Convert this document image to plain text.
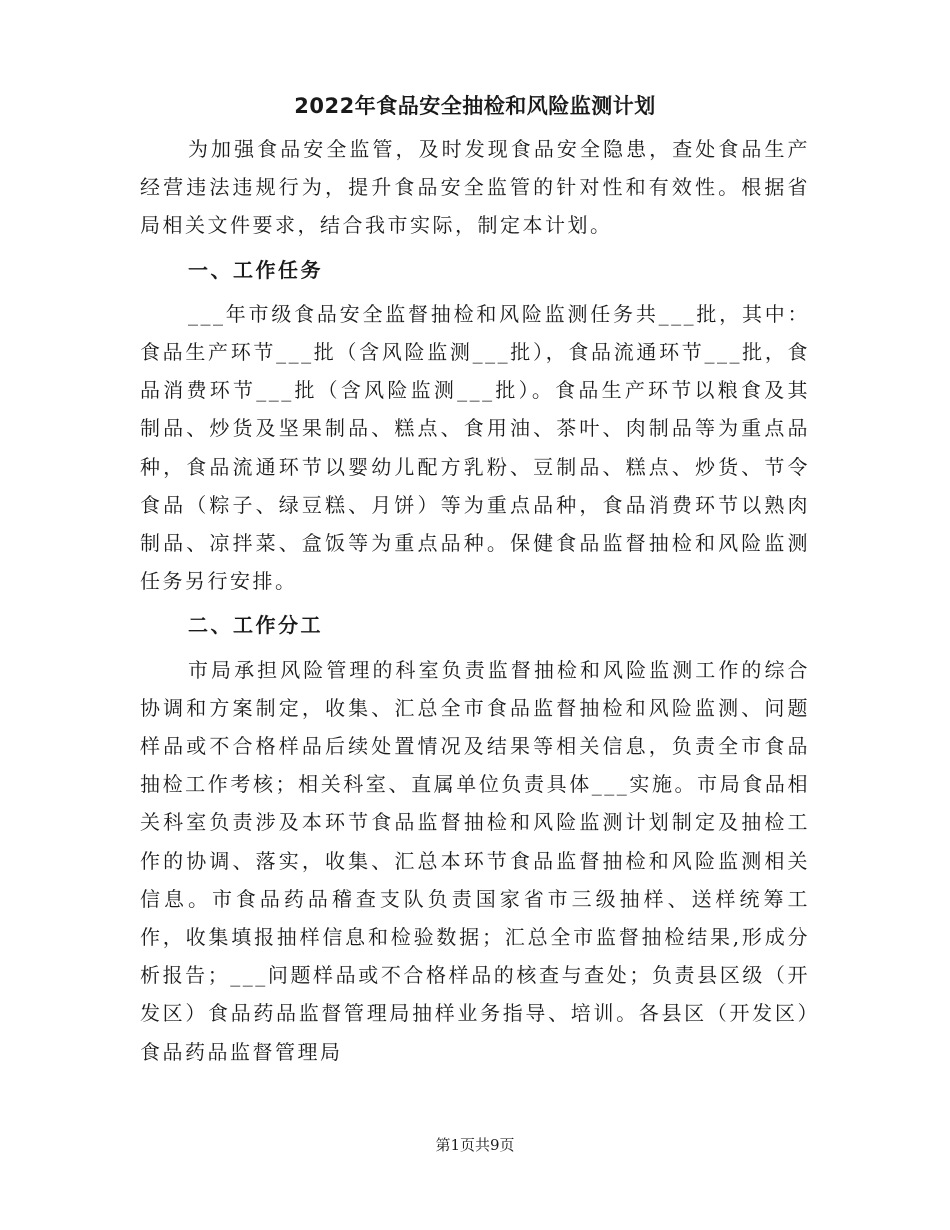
2022年食品安全抽检和风险监测计划

为加强食品安全监管，及时发现食品安全隐患，查处食品生产经营违法违规行为，提升食品安全监管的针对性和有效性。根据省局相关文件要求，结合我市实际，制定本计划。

一、工作任务

___年市级食品安全监督抽检和风险监测任务共___批，其中：食品生产环节___批（含风险监测___批），食品流通环节___批，食品消费环节___批（含风险监测___批）。食品生产环节以粮食及其制品、炒货及坚果制品、糕点、食用油、茶叶、肉制品等为重点品种，食品流通环节以婴幼儿配方乳粉、豆制品、糕点、炒货、节令食品（粽子、绿豆糕、月饼）等为重点品种，食品消费环节以熟肉制品、凉拌菜、盒饭等为重点品种。保健食品监督抽检和风险监测任务另行安排。

二、工作分工

市局承担风险管理的科室负责监督抽检和风险监测工作的综合协调和方案制定，收集、汇总全市食品监督抽检和风险监测、问题样品或不合格样品后续处置情况及结果等相关信息，负责全市食品抽检工作考核；相关科室、直属单位负责具体___实施。市局食品相关科室负责涉及本环节食品监督抽检和风险监测计划制定及抽检工作的协调、落实，收集、汇总本环节食品监督抽检和风险监测相关信息。市食品药品稽查支队负责国家省市三级抽样、送样统筹工作，收集填报抽样信息和检验数据；汇总全市监督抽检结果,形成分析报告；___问题样品或不合格样品的核查与查处；负责县区级（开发区）食品药品监督管理局抽样业务指导、培训。各县区（开发区）食品药品监督管理局

第1页共9页
